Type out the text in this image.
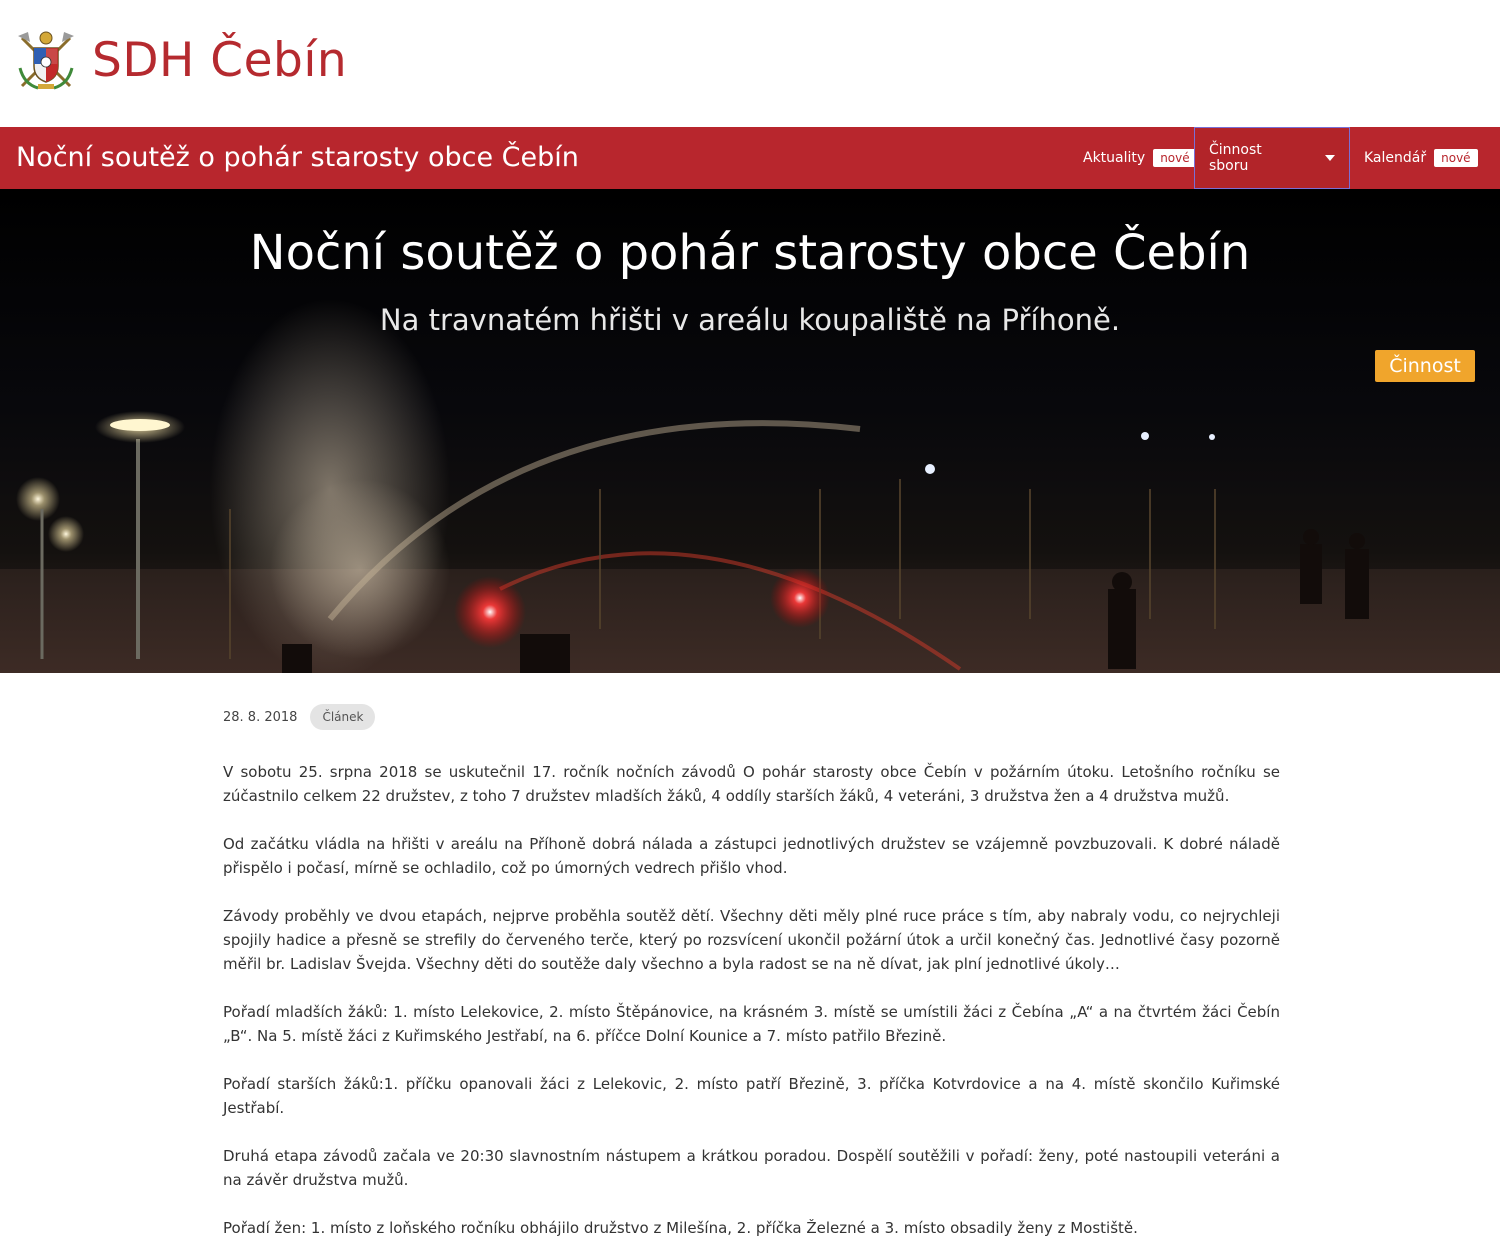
SDH Čebín
Noční soutěž o pohár starosty obce Čebín	Aktuality	nové	Činnost sboru	Kalendář	nové
Noční soutěž o pohár starosty obce Čebín
Na travnatém hřišti v areálu koupaliště na Příhoně.
Činnost
28. 8. 2018	Článek

V sobotu 25. srpna 2018 se uskutečnil 17. ročník nočních závodů O pohár starosty obce Čebín v požárním útoku. Letošního ročníku se zúčastnilo celkem 22 družstev, z toho 7 družstev mladších žáků, 4 oddíly starších žáků, 4 veteráni, 3 družstva žen a 4 družstva mužů.

Od začátku vládla na hřišti v areálu na Příhoně dobrá nálada a zástupci jednotlivých družstev se vzájemně povzbuzovali. K dobré náladě přispělo i počasí, mírně se ochladilo, což po úmorných vedrech přišlo vhod.

Závody proběhly ve dvou etapách, nejprve proběhla soutěž dětí. Všechny děti měly plné ruce práce s tím, aby nabraly vodu, co nejrychleji spojily hadice a přesně se strefily do červeného terče, který po rozsvícení ukončil požární útok a určil konečný čas. Jednotlivé časy pozorně měřil br. Ladislav Švejda. Všechny děti do soutěže daly všechno a byla radost se na ně dívat, jak plní jednotlivé úkoly…

Pořadí mladších žáků: 1. místo Lelekovice, 2. místo Štěpánovice, na krásném 3. místě se umístili žáci z Čebína „A“ a na čtvrtém žáci Čebín „B“. Na 5. místě žáci z Kuřimského Jestřabí, na 6. příčce Dolní Kounice a 7. místo patřilo Březině.

Pořadí starších žáků:1. příčku opanovali žáci z Lelekovic, 2. místo patří Březině, 3. příčka Kotvrdovice a na 4. místě skončilo Kuřimské Jestřabí.

Druhá etapa závodů začala ve 20:30 slavnostním nástupem a krátkou poradou. Dospělí soutěžili v pořadí: ženy, poté nastoupili veteráni a na závěr družstva mužů.

Pořadí žen: 1. místo z loňského ročníku obhájilo družstvo z Milešína, 2. příčka Železné a 3. místo obsadily ženy z Mostiště.
